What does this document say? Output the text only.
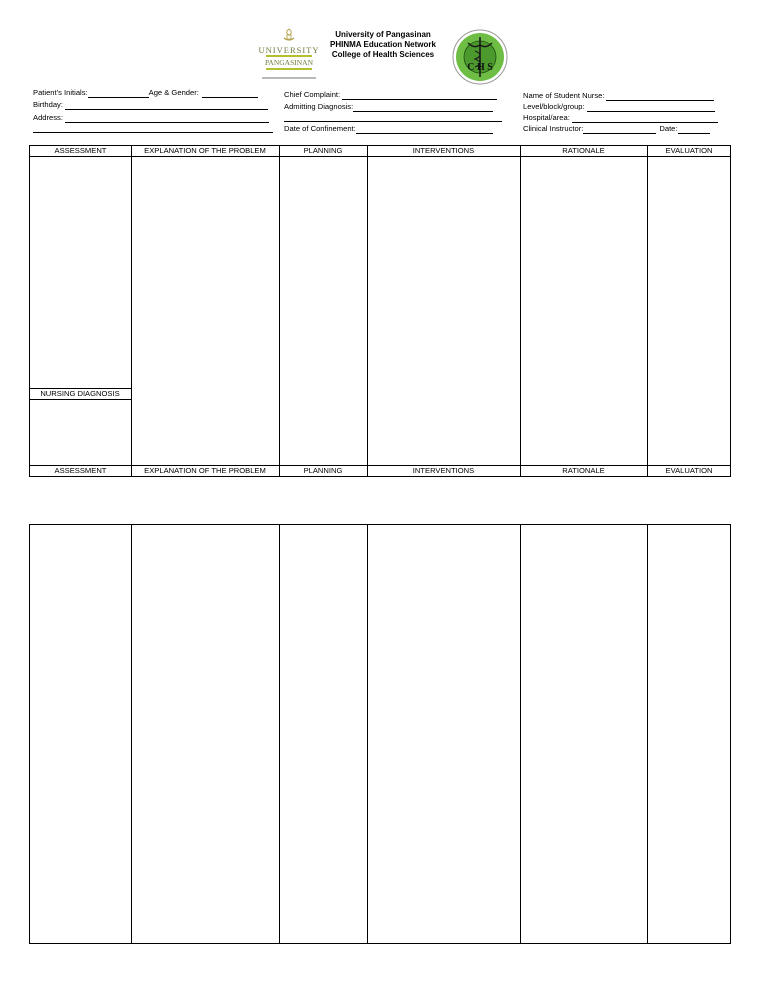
UNIVERSITY
PANGASINAN
University of Pangasinan
PHINMA Education Network
College of Health Sciences
C H S
Patient's Initials:	Age & Gender:
Birthday:
Address:
Chief Complaint:
Admitting Diagnosis:
Date of Confinement:
Name of Student Nurse:
Level/block/group:
Hospital/area:
Clinical Instructor:	Date:
ASSESSMENT	EXPLANATION OF THE PROBLEM	PLANNING	INTERVENTIONS	RATIONALE	EVALUATION
NURSING DIAGNOSIS
ASSESSMENT	EXPLANATION OF THE PROBLEM	PLANNING	INTERVENTIONS	RATIONALE	EVALUATION
